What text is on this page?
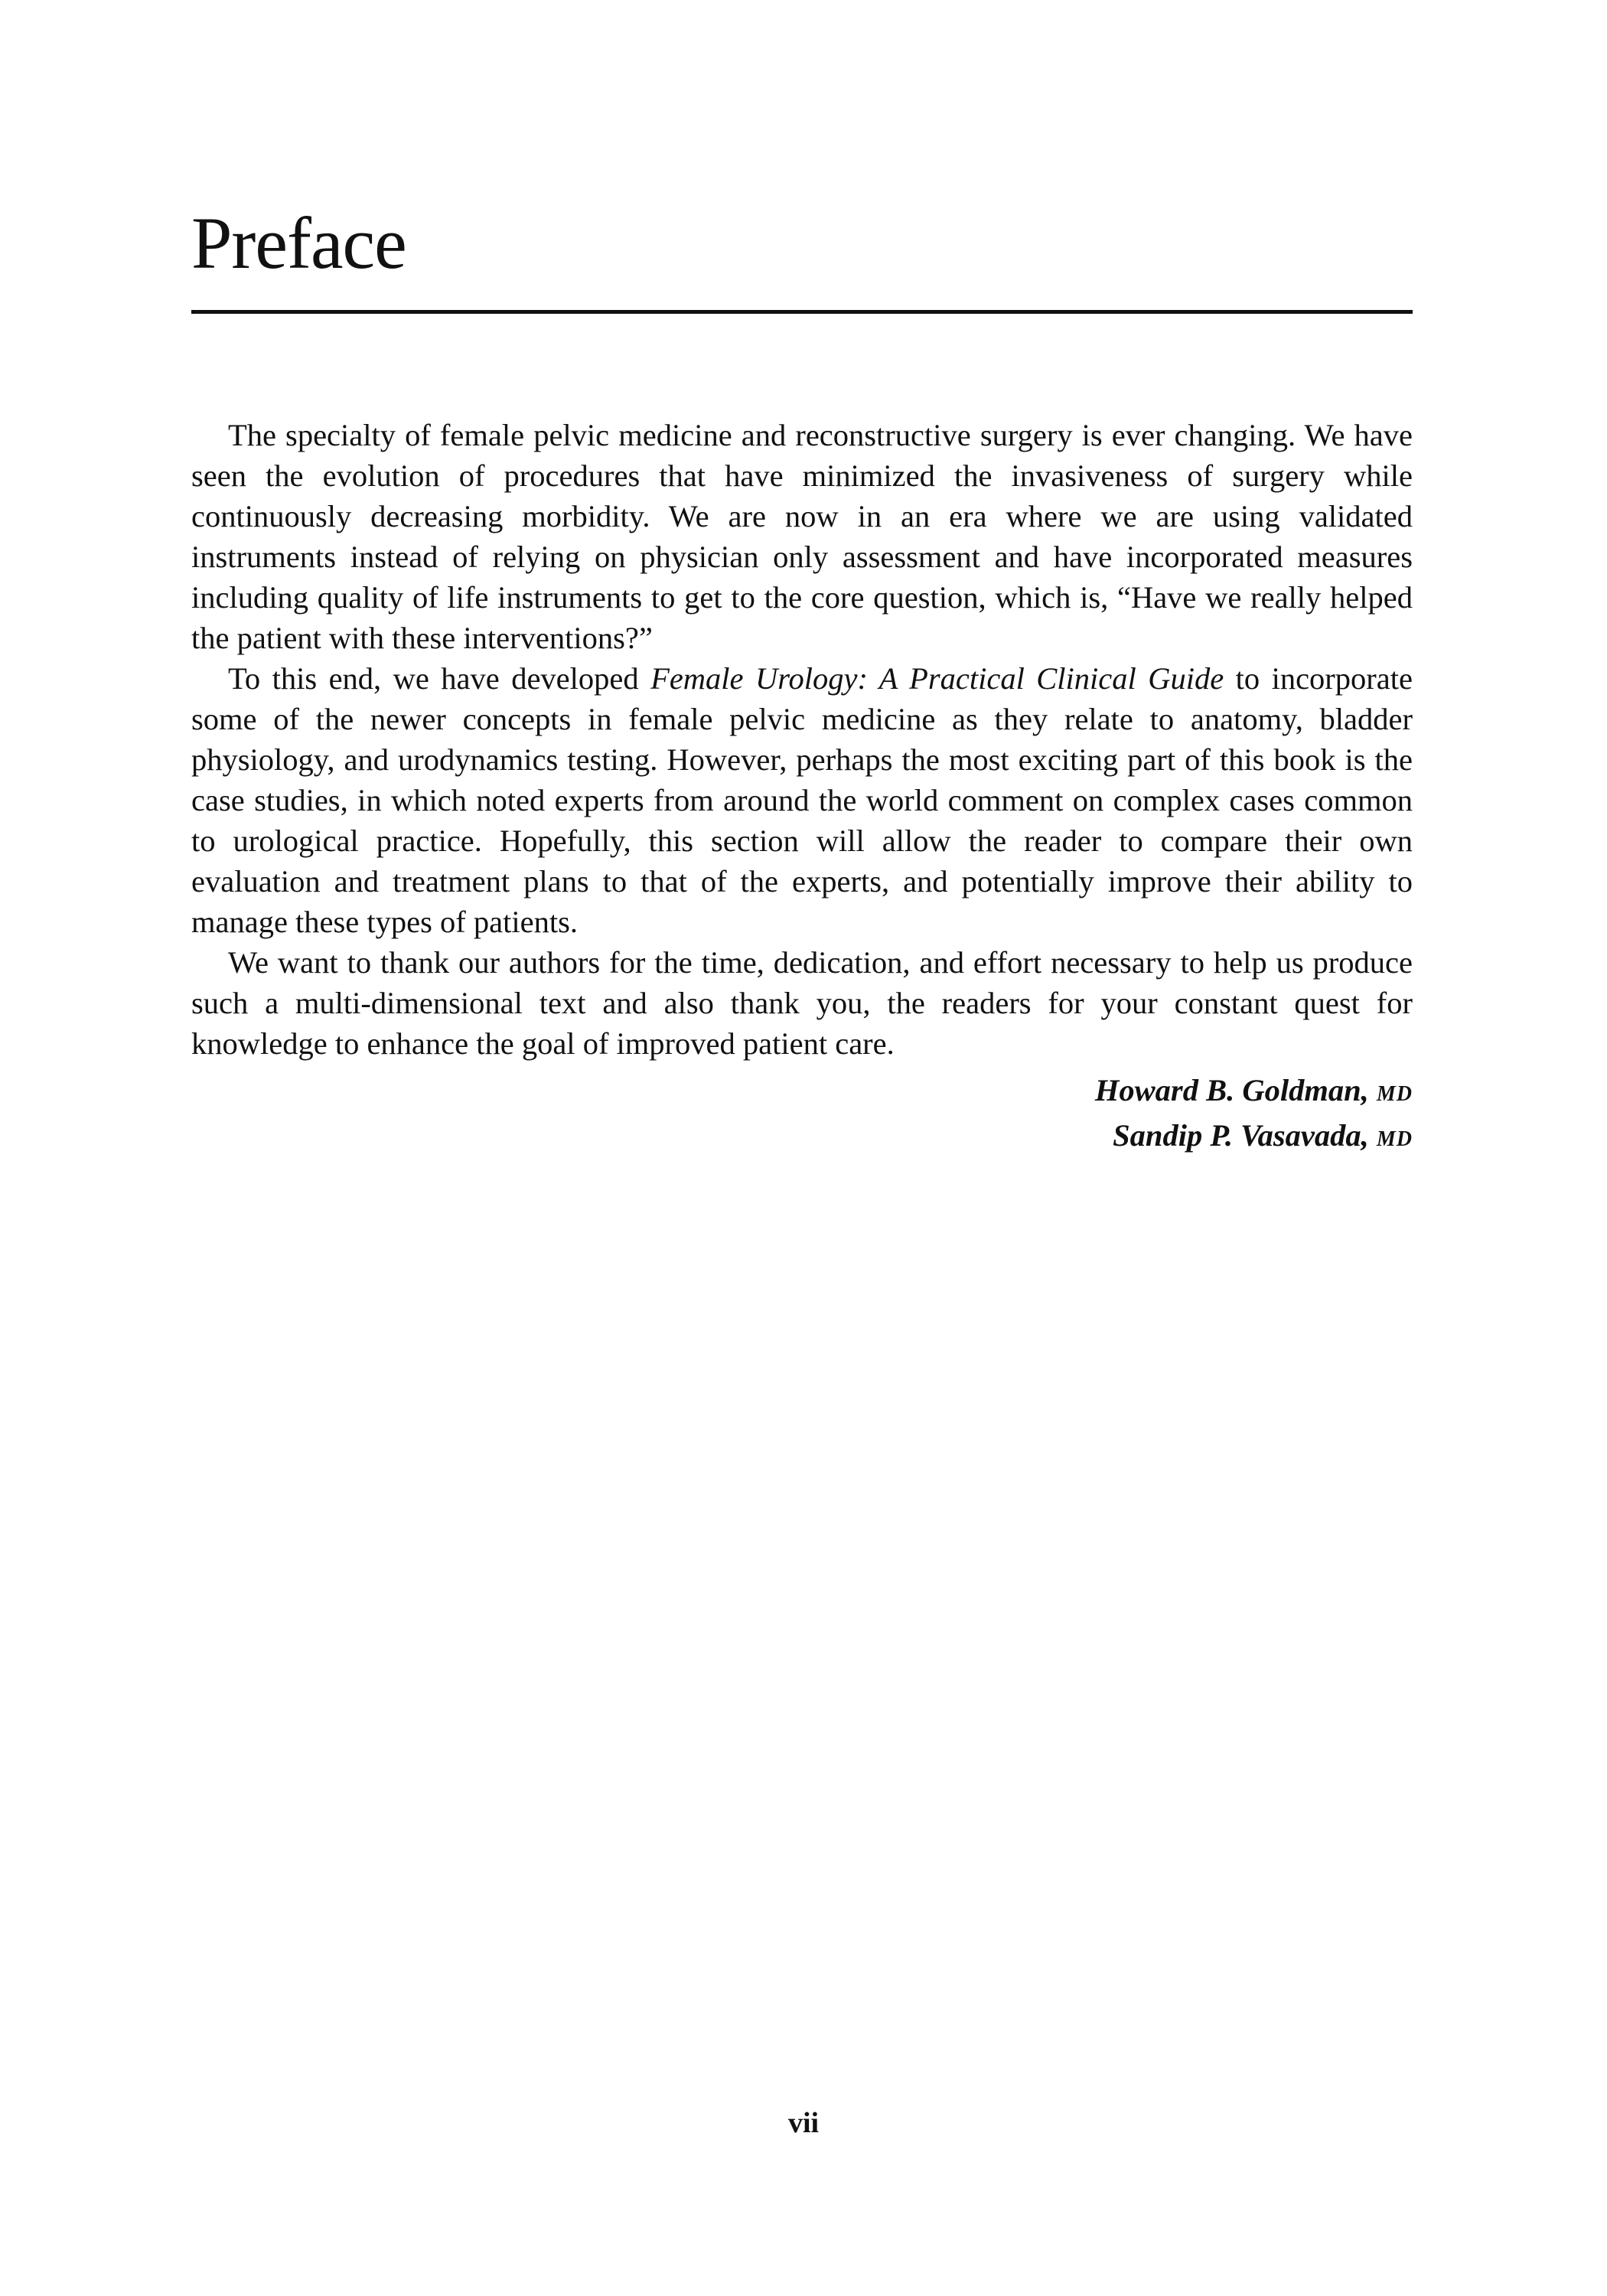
Preface

The specialty of female pelvic medicine and reconstructive surgery is ever changing. We have seen the evolution of procedures that have minimized the invasiveness of surgery while continuously decreasing morbidity. We are now in an era where we are using validated instruments instead of relying on physician only assessment and have incorporated measures including quality of life instruments to get to the core question, which is, “Have we really helped the patient with these interventions?”

To this end, we have developed Female Urology: A Practical Clinical Guide to incorporate some of the newer concepts in female pelvic medicine as they relate to anatomy, bladder physiology, and urodynamics testing. However, perhaps the most exciting part of this book is the case studies, in which noted experts from around the world comment on complex cases common to urological practice. Hopefully, this section will allow the reader to compare their own evaluation and treatment plans to that of the experts, and potentially improve their ability to manage these types of patients.

We want to thank our authors for the time, dedication, and effort necessary to help us produce such a multi-dimensional text and also thank you, the readers for your constant quest for knowledge to enhance the goal of improved patient care.

Howard B. Goldman, MD
Sandip P. Vasavada, MD
vii
